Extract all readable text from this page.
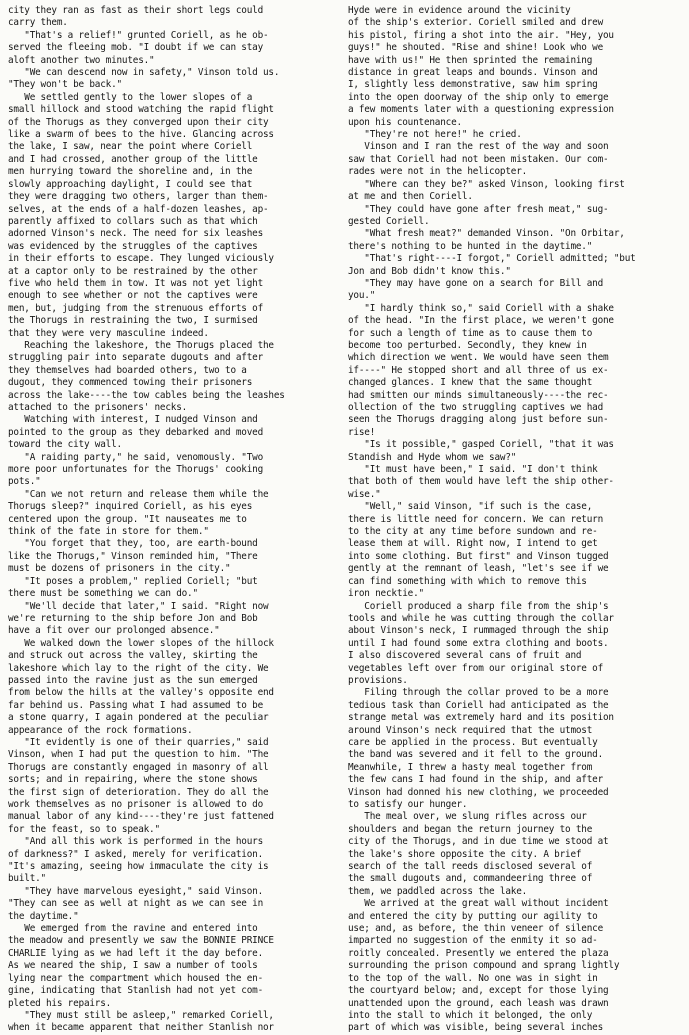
city they ran as fast as their short legs could

carry them.

"That's a relief!" grunted Coriell, as he ob-

served the fleeing mob. "I doubt if we can stay

aloft another two minutes."

"We can descend now in safety," Vinson told us.

"They won't be back."

We settled gently to the lower slopes of a

small hillock and stood watching the rapid flight

of the Thorugs as they converged upon their city

like a swarm of bees to the hive. Glancing across

the lake, I saw, near the point where Coriell

and I had crossed, another group of the little

men hurrying toward the shoreline and, in the

slowly approaching daylight, I could see that

they were dragging two others, larger than them-

selves, at the ends of a half-dozen leashes, ap-

parently affixed to collars such as that which

adorned Vinson's neck. The need for six leashes

was evidenced by the struggles of the captives

in their efforts to escape. They lunged viciously

at a captor only to be restrained by the other

five who held them in tow. It was not yet light

enough to see whether or not the captives were

men, but, judging from the strenuous efforts of

the Thorugs in restraining the two, I surmised

that they were very masculine indeed.

Reaching the lakeshore, the Thorugs placed the

struggling pair into separate dugouts and after

they themselves had boarded others, two to a

dugout, they commenced towing their prisoners

across the lake----the tow cables being the leashes

attached to the prisoners' necks.

Watching with interest, I nudged Vinson and

pointed to the group as they debarked and moved

toward the city wall.

"A raiding party," he said, venomously. "Two

more poor unfortunates for the Thorugs' cooking

pots."

"Can we not return and release them while the

Thorugs sleep?" inquired Coriell, as his eyes

centered upon the group. "It nauseates me to

think of the fate in store for them."

"You forget that they, too, are earth-bound

like the Thorugs," Vinson reminded him, "There

must be dozens of prisoners in the city."

"It poses a problem," replied Coriell; "but

there must be something we can do."

"We'll decide that later," I said. "Right now

we're returning to the ship before Jon and Bob

have a fit over our prolonged absence."

We walked down the lower slopes of the hillock

and struck out across the valley, skirting the

lakeshore which lay to the right of the city. We

passed into the ravine just as the sun emerged

from below the hills at the valley's opposite end

far behind us. Passing what I had assumed to be

a stone quarry, I again pondered at the peculiar

appearance of the rock formations.

"It evidently is one of their quarries," said

Vinson, when I had put the question to him. "The

Thorugs are constantly engaged in masonry of all

sorts; and in repairing, where the stone shows

the first sign of deterioration. They do all the

work themselves as no prisoner is allowed to do

manual labor of any kind----they're just fattened

for the feast, so to speak."

"And all this work is performed in the hours

of darkness?" I asked, merely for verification.

"It's amazing, seeing how immaculate the city is

built."

"They have marvelous eyesight," said Vinson.

"They can see as well at night as we can see in

the daytime."

We emerged from the ravine and entered into

the meadow and presently we saw the BONNIE PRINCE

CHARLIE lying as we had left it the day before.

As we neared the ship, I saw a number of tools

lying near the compartment which housed the en-

gine, indicating that Stanlish had not yet com-

pleted his repairs.

"They must still be asleep," remarked Coriell,

when it became apparent that neither Stanlish nor

Hyde were in evidence around the vicinity

of the ship's exterior. Coriell smiled and drew

his pistol, firing a shot into the air. "Hey, you

guys!" he shouted. "Rise and shine! Look who we

have with us!" He then sprinted the remaining

distance in great leaps and bounds. Vinson and

I, slightly less demonstrative, saw him spring

into the open doorway of the ship only to emerge

a few moments later with a questioning expression

upon his countenance.

"They're not here!" he cried.

Vinson and I ran the rest of the way and soon

saw that Coriell had not been mistaken. Our com-

rades were not in the helicopter.

"Where can they be?" asked Vinson, looking first

at me and then Coriell.

"They could have gone after fresh meat," sug-

gested Coriell.

"What fresh meat?" demanded Vinson. "On Orbitar,

there's nothing to be hunted in the daytime."

"That's right----I forgot," Coriell admitted; "but

Jon and Bob didn't know this."

"They may have gone on a search for Bill and

you."

"I hardly think so," said Coriell with a shake

of the head. "In the first place, we weren't gone

for such a length of time as to cause them to

become too perturbed. Secondly, they knew in

which direction we went. We would have seen them

if----" He stopped short and all three of us ex-

changed glances. I knew that the same thought

had smitten our minds simultaneously----the rec-

ollection of the two struggling captives we had

seen the Thorugs dragging along just before sun-

rise!

"Is it possible," gasped Coriell, "that it was

Standish and Hyde whom we saw?"

"It must have been," I said. "I don't think

that both of them would have left the ship other-

wise."

"Well," said Vinson, "if such is the case,

there is little need for concern. We can return

to the city at any time before sundown and re-

lease them at will. Right now, I intend to get

into some clothing. But first" and Vinson tugged

gently at the remnant of leash, "let's see if we

can find something with which to remove this

iron necktie."

Coriell produced a sharp file from the ship's

tools and while he was cutting through the collar

about Vinson's neck, I rummaged through the ship

until I had found some extra clothing and boots.

I also discovered several cans of fruit and

vegetables left over from our original store of

provisions.

Filing through the collar proved to be a more

tedious task than Coriell had anticipated as the

strange metal was extremely hard and its position

around Vinson's neck required that the utmost

care be applied in the process. But eventually

the band was severed and it fell to the ground.

Meanwhile, I threw a hasty meal together from

the few cans I had found in the ship, and after

Vinson had donned his new clothing, we proceeded

to satisfy our hunger.

The meal over, we slung rifles across our

shoulders and began the return journey to the

city of the Thorugs, and in due time we stood at

the lake's shore opposite the city. A brief

search of the tall reeds disclosed several of

the small dugouts and, commandeering three of

them, we paddled across the lake.

We arrived at the great wall without incident

and entered the city by putting our agility to

use; and, as before, the thin veneer of silence

imparted no suggestion of the enmity it so ad-

roitly concealed. Presently we entered the plaza

surrounding the prison compound and sprang lightly

to the top of the wall. No one was in sight in

the courtyard below; and, except for those lying

unattended upon the ground, each leash was drawn

into the stall to which it belonged, the only

part of which was visible, being several inches
